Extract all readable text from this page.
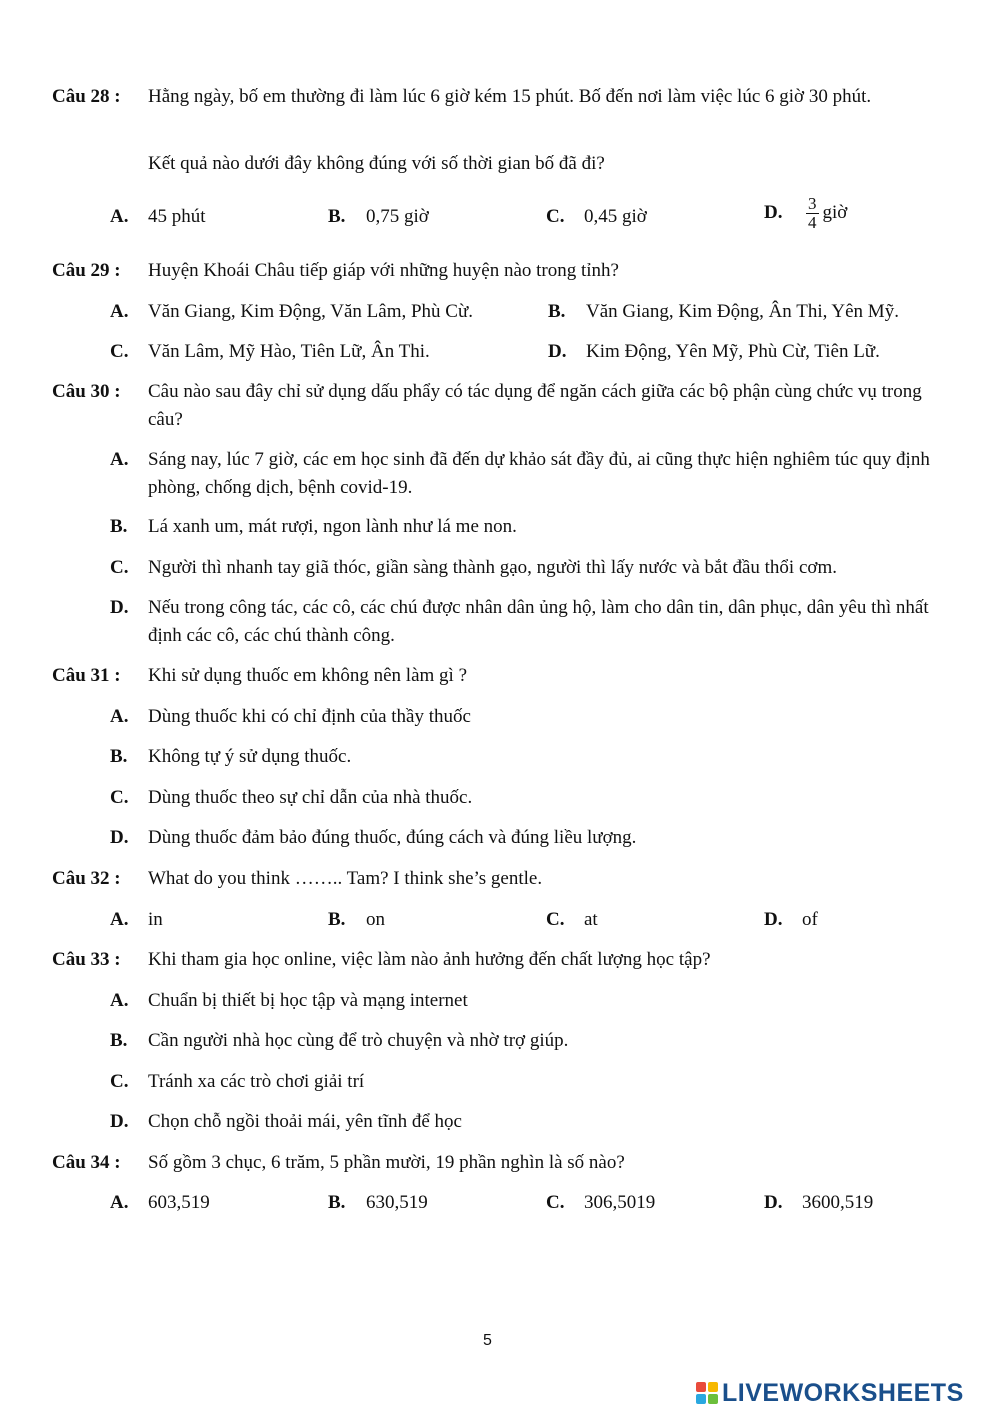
Câu 28 : Hằng ngày, bố em thường đi làm lúc 6 giờ kém 15 phút. Bố đến nơi làm việc lúc 6 giờ 30 phút.
Kết quả nào dưới đây không đúng với số thời gian bố đã đi?
A. 45 phút	B. 0,75 giờ	C. 0,45 giờ	D. $\frac{3}{4}$ giờ
Câu 29 : Huyện Khoái Châu tiếp giáp với những huyện nào trong tỉnh?
A. Văn Giang, Kim Động, Văn Lâm, Phù Cừ.	B. Văn Giang, Kim Động, Ân Thi, Yên Mỹ.
C. Văn Lâm, Mỹ Hào, Tiên Lữ, Ân Thi.	D. Kim Động, Yên Mỹ, Phù Cừ, Tiên Lữ.
Câu 30 : Câu nào sau đây chỉ sử dụng dấu phẩy có tác dụng để ngăn cách giữa các bộ phận cùng chức vụ trong câu?
A.	Sáng nay, lúc 7 giờ, các em học sinh đã đến dự khảo sát đầy đủ, ai cũng thực hiện nghiêm túc quy định phòng, chống dịch, bệnh covid-19.
B.	Lá xanh um, mát rượi, ngon lành như lá me non.
C.	Người thì nhanh tay giã thóc, giần sàng thành gạo, người thì lấy nước và bắt đầu thổi cơm.
D.	Nếu trong công tác, các cô, các chú được nhân dân ủng hộ, làm cho dân tin, dân phục, dân yêu thì nhất định các cô, các chú thành công.
Câu 31 : Khi sử dụng thuốc em không nên làm gì ?
A. Dùng thuốc khi có chỉ định của thầy thuốc
B. Không tự ý sử dụng thuốc.
C. Dùng thuốc theo sự chỉ dẫn của nhà thuốc.
D. Dùng thuốc đảm bảo đúng thuốc, đúng cách và đúng liều lượng.
Câu 32 : What do you think …….. Tam? I think she’s gentle.
A. in	B. on	C. at	D. of
Câu 33 : Khi tham gia học online, việc làm nào ảnh hưởng đến chất lượng học tập?
A. Chuẩn bị thiết bị học tập và mạng internet
B. Cần người nhà học cùng để trò chuyện và nhờ trợ giúp.
C. Tránh xa các trò chơi giải trí
D. Chọn chỗ ngồi thoải mái, yên tĩnh để học
Câu 34 : Số gồm 3 chục, 6 trăm, 5 phần mười, 19 phần nghìn là số nào?
A. 603,519	B. 630,519	C. 306,5019	D. 3600,519
5
LIVEWORKSHEETS
